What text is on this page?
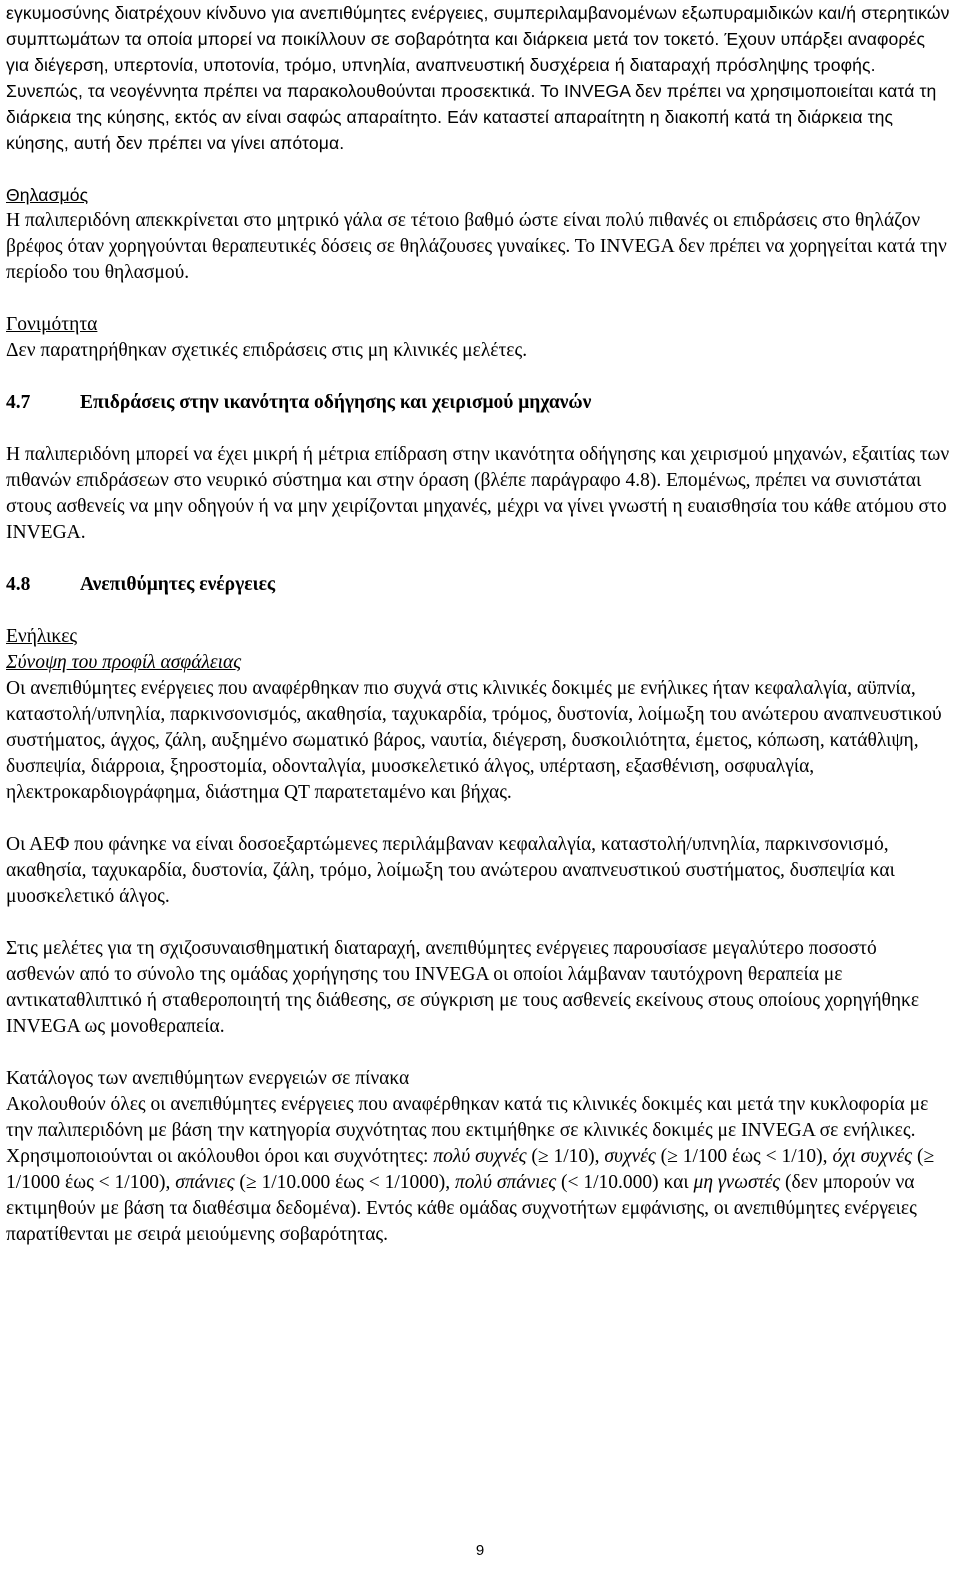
εγκυμοσύνης διατρέχουν κίνδυνο για ανεπιθύμητες ενέργειες, συμπεριλαμβανομένων εξωπυραμιδικών και/ή στερητικών συμπτωμάτων τα οποία μπορεί να ποικίλλουν σε σοβαρότητα και διάρκεια μετά τον τοκετό. Έχουν υπάρξει αναφορές για διέγερση, υπερτονία, υποτονία, τρόμο, υπνηλία, αναπνευστική δυσχέρεια ή διαταραχή πρόσληψης τροφής. Συνεπώς, τα νεογέννητα πρέπει να παρακολουθούνται προσεκτικά. Το INVEGA δεν πρέπει να χρησιμοποιείται κατά τη διάρκεια της κύησης, εκτός αν είναι σαφώς απαραίτητο. Εάν καταστεί απαραίτητη η διακοπή κατά τη διάρκεια της κύησης, αυτή δεν πρέπει να γίνει απότομα.

Θηλασμός

Η παλιπεριδόνη απεκκρίνεται στο μητρικό γάλα σε τέτοιο βαθμό ώστε είναι πολύ πιθανές οι επιδράσεις στο θηλάζον βρέφος όταν χορηγούνται θεραπευτικές δόσεις σε θηλάζουσες γυναίκες. Το INVEGA δεν πρέπει να χορηγείται κατά την περίοδο του θηλασμού.

Γονιμότητα

Δεν παρατηρήθηκαν σχετικές επιδράσεις στις μη κλινικές μελέτες.

4.7	Επιδράσεις στην ικανότητα οδήγησης και χειρισμού μηχανών

Η παλιπεριδόνη μπορεί να έχει μικρή ή μέτρια επίδραση στην ικανότητα οδήγησης και χειρισμού μηχανών, εξαιτίας των πιθανών επιδράσεων στο νευρικό σύστημα και στην όραση (βλέπε παράγραφο 4.8). Επομένως, πρέπει να συνιστάται στους ασθενείς να μην οδηγούν ή να μην χειρίζονται μηχανές, μέχρι να γίνει γνωστή η ευαισθησία του κάθε ατόμου στο INVEGA.

4.8	Ανεπιθύμητες ενέργειες

Ενήλικες

Σύνοψη του προφίλ ασφάλειας

Οι ανεπιθύμητες ενέργειες που αναφέρθηκαν πιο συχνά στις κλινικές δοκιμές με ενήλικες ήταν κεφαλαλγία, αϋπνία, καταστολή/υπνηλία, παρκινσονισμός, ακαθησία, ταχυκαρδία, τρόμος, δυστονία, λοίμωξη του ανώτερου αναπνευστικού συστήματος, άγχος, ζάλη, αυξημένο σωματικό βάρος, ναυτία, διέγερση, δυσκοιλιότητα, έμετος, κόπωση, κατάθλιψη, δυσπεψία, διάρροια, ξηροστομία, οδονταλγία, μυοσκελετικό άλγος, υπέρταση, εξασθένιση, οσφυαλγία, ηλεκτροκαρδιογράφημα, διάστημα QT παρατεταμένο και βήχας.

Οι ΑΕΦ που φάνηκε να είναι δοσοεξαρτώμενες περιλάμβαναν κεφαλαλγία, καταστολή/υπνηλία, παρκινσονισμό, ακαθησία, ταχυκαρδία, δυστονία, ζάλη, τρόμο, λοίμωξη του ανώτερου αναπνευστικού συστήματος, δυσπεψία και μυοσκελετικό άλγος.

Στις μελέτες για τη σχιζοσυναισθηματική διαταραχή, ανεπιθύμητες ενέργειες παρουσίασε μεγαλύτερο ποσοστό ασθενών από το σύνολο της ομάδας χορήγησης του INVEGA οι οποίοι λάμβαναν ταυτόχρονη θεραπεία με αντικαταθλιπτικό ή σταθεροποιητή της διάθεσης, σε σύγκριση με τους ασθενείς εκείνους στους οποίους χορηγήθηκε INVEGA ως μονοθεραπεία.

Κατάλογος των ανεπιθύμητων ενεργειών σε πίνακα

Ακολουθούν όλες οι ανεπιθύμητες ενέργειες που αναφέρθηκαν κατά τις κλινικές δοκιμές και μετά την κυκλοφορία με την παλιπεριδόνη με βάση την κατηγορία συχνότητας που εκτιμήθηκε σε κλινικές δοκιμές με INVEGA σε ενήλικες. Χρησιμοποιούνται οι ακόλουθοι όροι και συχνότητες: πολύ συχνές (≥ 1/10), συχνές (≥ 1/100 έως < 1/10), όχι συχνές (≥ 1/1000 έως < 1/100), σπάνιες (≥ 1/10.000 έως < 1/1000), πολύ σπάνιες (< 1/10.000) και μη γνωστές (δεν μπορούν να εκτιμηθούν με βάση τα διαθέσιμα δεδομένα). Εντός κάθε ομάδας συχνοτήτων εμφάνισης, οι ανεπιθύμητες ενέργειες παρατίθενται με σειρά μειούμενης σοβαρότητας.

9
